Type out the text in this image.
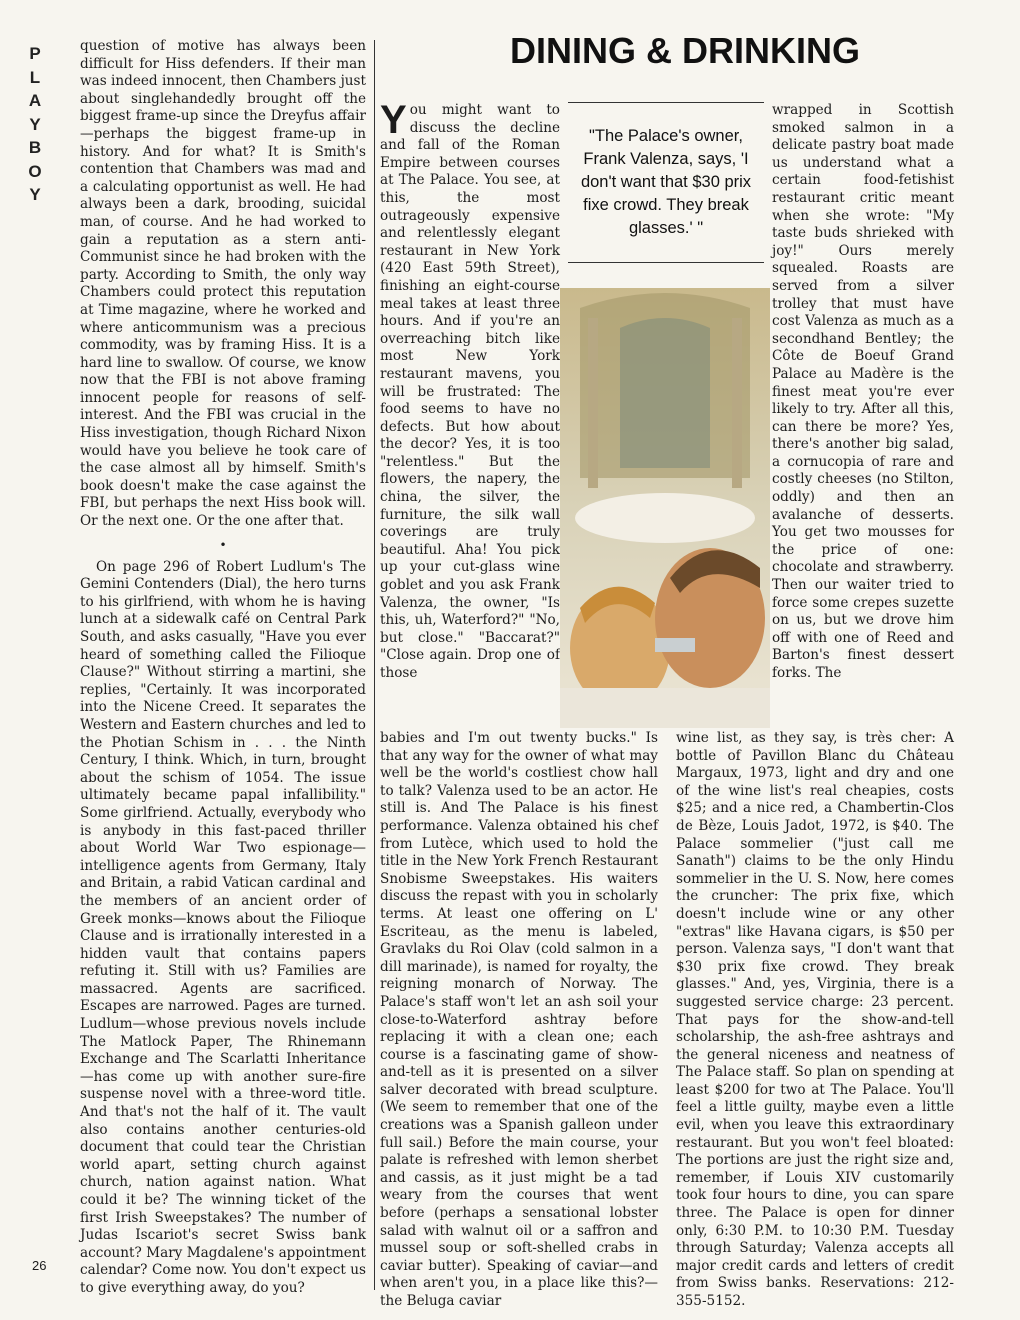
P
L
A
Y
B
O
Y
26

question of motive has always been difficult for Hiss defenders. If their man was indeed innocent, then Chambers just about singlehandedly brought off the biggest frame-up since the Dreyfus affair—perhaps the biggest frame-up in history. And for what? It is Smith's contention that Chambers was mad and a calculating opportunist as well. He had always been a dark, brooding, suicidal man, of course. And he had worked to gain a reputation as a stern anti-Communist since he had broken with the party. According to Smith, the only way Chambers could protect this reputation at Time magazine, where he worked and where anticommunism was a precious commodity, was by framing Hiss. It is a hard line to swallow. Of course, we know now that the FBI is not above framing innocent people for reasons of self-interest. And the FBI was crucial in the Hiss investigation, though Richard Nixon would have you believe he took care of the case almost all by himself. Smith's book doesn't make the case against the FBI, but perhaps the next Hiss book will. Or the next one. Or the one after that.

•

On page 296 of Robert Ludlum's The Gemini Contenders (Dial), the hero turns to his girlfriend, with whom he is having lunch at a sidewalk café on Central Park South, and asks casually, "Have you ever heard of something called the Filioque Clause?" Without stirring a martini, she replies, "Certainly. It was incorporated into the Nicene Creed. It separates the Western and Eastern churches and led to the Photian Schism in . . . the Ninth Century, I think. Which, in turn, brought about the schism of 1054. The issue ultimately became papal infallibility." Some girlfriend. Actually, everybody who is anybody in this fast-paced thriller about World War Two espionage—intelligence agents from Germany, Italy and Britain, a rabid Vatican cardinal and the members of an ancient order of Greek monks—knows about the Filioque Clause and is irrationally interested in a hidden vault that contains papers refuting it. Still with us? Families are massacred. Agents are sacrificed. Escapes are narrowed. Pages are turned. Ludlum—whose previous novels include The Matlock Paper, The Rhinemann Exchange and The Scarlatti Inheritance—has come up with another sure-fire suspense novel with a three-word title. And that's not the half of it. The vault also contains another centuries-old document that could tear the Christian world apart, setting church against church, nation against nation. What could it be? The winning ticket of the first Irish Sweepstakes? The number of Judas Iscariot's secret Swiss bank account? Mary Magdalene's appointment calendar? Come now. You don't expect us to give everything away, do you?

DINING & DRINKING
Y ou might want to discuss the decline and fall of the Roman Empire between courses at The Palace. You see, at this, the most outrageously expensive and relentlessly elegant restaurant in New York (420 East 59th Street), finishing an eight-course meal takes at least three hours. And if you're an overreaching bitch like most New York restaurant mavens, you will be frustrated: The food seems to have no defects. But how about the decor? Yes, it is too "relentless." But the flowers, the napery, the china, the silver, the furniture, the silk wall coverings are truly beautiful. Aha! You pick up your cut-glass wine goblet and you ask Frank Valenza, the owner, "Is this, uh, Waterford?" "No, but close." "Baccarat?" "Close again. Drop one of those

"The Palace's owner, Frank Valenza, says, 'I don't want that $30 prix fixe crowd. They break glasses.' "

babies and I'm out twenty bucks." Is that any way for the owner of what may well be the world's costliest chow hall to talk? Valenza used to be an actor. He still is. And The Palace is his finest performance. Valenza obtained his chef from Lutèce, which used to hold the title in the New York French Restaurant Snobisme Sweepstakes. His waiters discuss the repast with you in scholarly terms. At least one offering on L' Escriteau, as the menu is labeled, Gravlaks du Roi Olav (cold salmon in a dill marinade), is named for royalty, the reigning monarch of Norway. The Palace's staff won't let an ash soil your close-to-Waterford ashtray before replacing it with a clean one; each course is a fascinating game of show-and-tell as it is presented on a silver salver decorated with bread sculpture. (We seem to remember that one of the creations was a Spanish galleon under full sail.) Before the main course, your palate is refreshed with lemon sherbet and cassis, as it just might be a tad weary from the courses that went before (perhaps a sensational lobster salad with walnut oil or a saffron and mussel soup or soft-shelled crabs in caviar butter). Speaking of caviar—and when aren't you, in a place like this?—the Beluga caviar

wrapped in Scottish smoked salmon in a delicate pastry boat made us understand what a certain food-fetishist restaurant critic meant when she wrote: "My taste buds shrieked with joy!" Ours merely squealed. Roasts are served from a silver trolley that must have cost Valenza as much as a secondhand Bentley; the Côte de Boeuf Grand Palace au Madère is the finest meat you're ever likely to try. After all this, can there be more? Yes, there's another big salad, a cornucopia of rare and costly cheeses (no Stilton, oddly) and then an avalanche of desserts. You get two mousses for the price of one: chocolate and strawberry. Then our waiter tried to force some crepes suzette on us, but we drove him off with one of Reed and Barton's finest dessert forks. The

wine list, as they say, is très cher: A bottle of Pavillon Blanc du Château Margaux, 1973, light and dry and one of the wine list's real cheapies, costs $25; and a nice red, a Chambertin-Clos de Bèze, Louis Jadot, 1972, is $40. The Palace sommelier ("just call me Sanath") claims to be the only Hindu sommelier in the U. S. Now, here comes the cruncher: The prix fixe, which doesn't include wine or any other "extras" like Havana cigars, is $50 per person. Valenza says, "I don't want that $30 prix fixe crowd. They break glasses." And, yes, Virginia, there is a suggested service charge: 23 percent. That pays for the show-and-tell scholarship, the ash-free ashtrays and the general niceness and neatness of The Palace staff. So plan on spending at least $200 for two at The Palace. You'll feel a little guilty, maybe even a little evil, when you leave this extraordinary restaurant. But you won't feel bloated: The portions are just the right size and, remember, if Louis XIV customarily took four hours to dine, you can spare three. The Palace is open for dinner only, 6:30 P.M. to 10:30 P.M. Tuesday through Saturday; Valenza accepts all major credit cards and letters of credit from Swiss banks. Reservations: 212-355-5152.
